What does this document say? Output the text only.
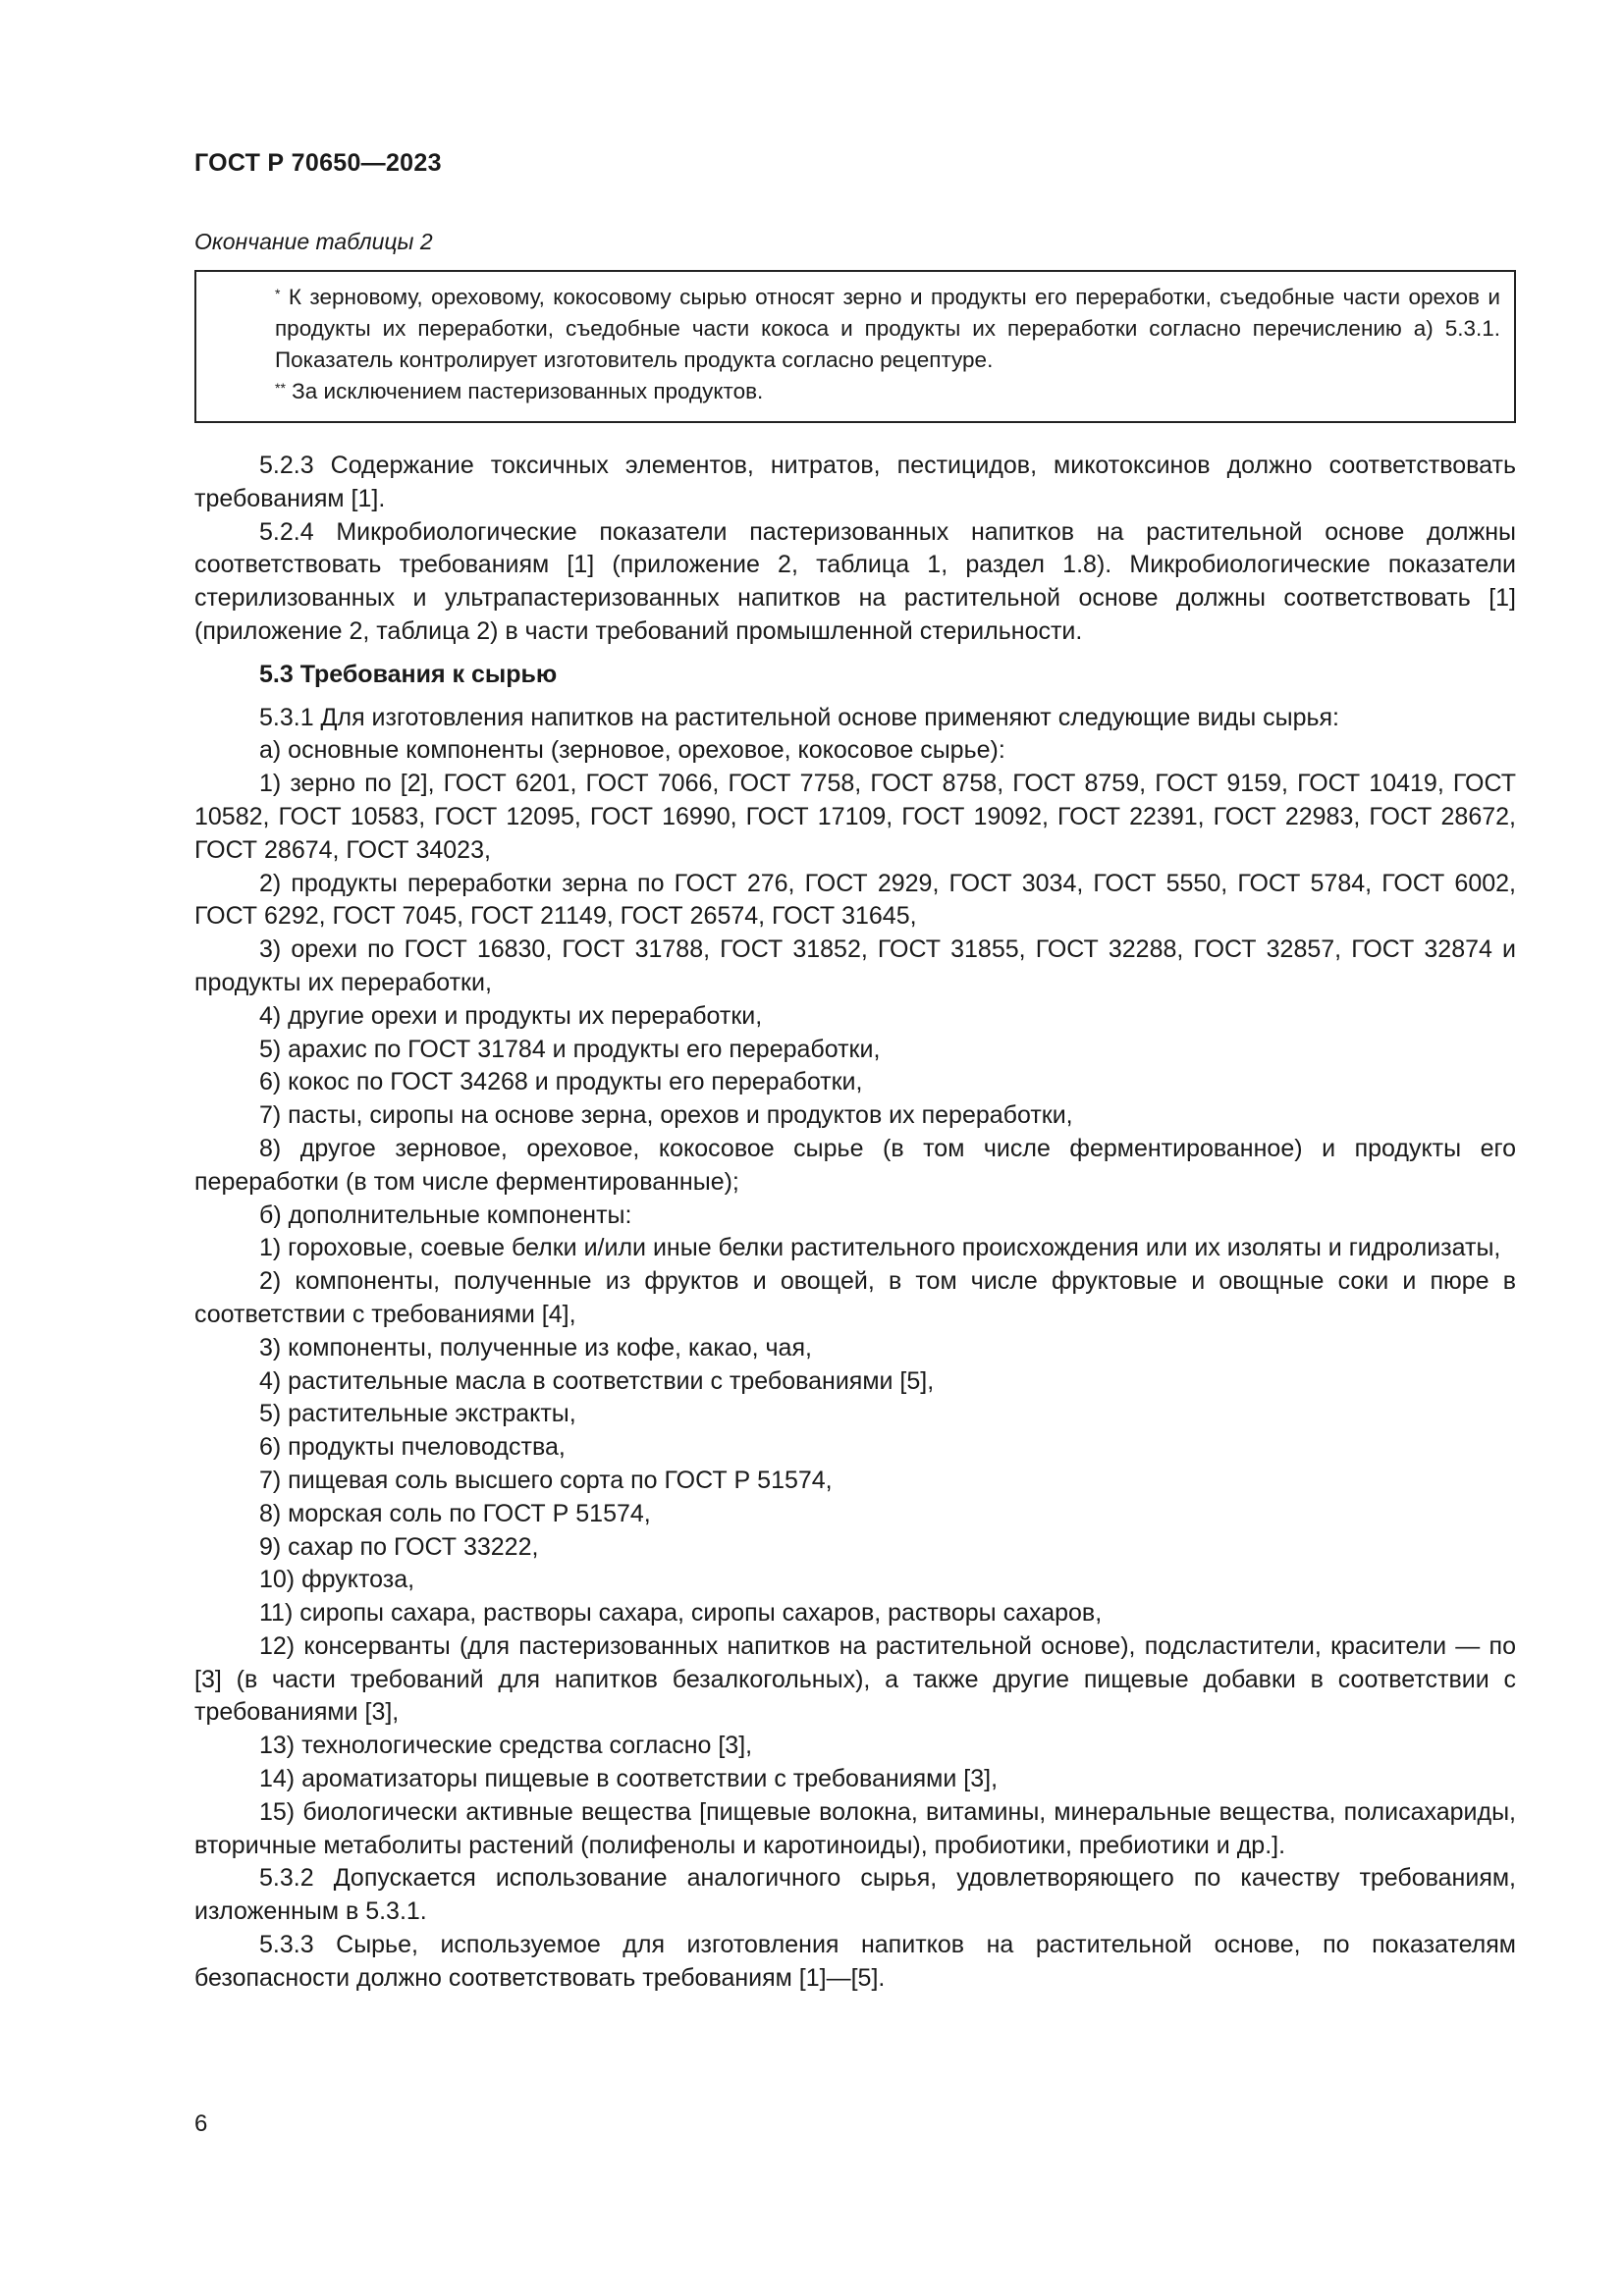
ГОСТ Р 70650—2023
Окончание таблицы 2

* К зерновому, ореховому, кокосовому сырью относят зерно и продукты его переработки, съедобные части орехов и продукты их переработки, съедобные части кокоса и продукты их переработки согласно перечислению а) 5.3.1. Показатель контролирует изготовитель продукта согласно рецептуре.

** За исключением пастеризованных продуктов.

5.2.3 Содержание токсичных элементов, нитратов, пестицидов, микотоксинов должно соответствовать требованиям [1].

5.2.4 Микробиологические показатели пастеризованных напитков на растительной основе должны соответствовать требованиям [1] (приложение 2, таблица 1, раздел 1.8). Микробиологические показатели стерилизованных и ультрапастеризованных напитков на растительной основе должны соответствовать [1] (приложение 2, таблица 2) в части требований промышленной стерильности.

5.3 Требования к сырью

5.3.1 Для изготовления напитков на растительной основе применяют следующие виды сырья:

а) основные компоненты (зерновое, ореховое, кокосовое сырье):

1) зерно по [2], ГОСТ 6201, ГОСТ 7066, ГОСТ 7758, ГОСТ 8758, ГОСТ 8759, ГОСТ 9159, ГОСТ 10419, ГОСТ 10582, ГОСТ 10583, ГОСТ 12095, ГОСТ 16990, ГОСТ 17109, ГОСТ 19092, ГОСТ 22391, ГОСТ 22983, ГОСТ 28672, ГОСТ 28674, ГОСТ 34023,

2) продукты переработки зерна по ГОСТ 276, ГОСТ 2929, ГОСТ 3034, ГОСТ 5550, ГОСТ 5784, ГОСТ 6002, ГОСТ 6292, ГОСТ 7045, ГОСТ 21149, ГОСТ 26574, ГОСТ 31645,

3) орехи по ГОСТ 16830, ГОСТ 31788, ГОСТ 31852, ГОСТ 31855, ГОСТ 32288, ГОСТ 32857, ГОСТ 32874 и продукты их переработки,

4) другие орехи и продукты их переработки,

5) арахис по ГОСТ 31784 и продукты его переработки,

6) кокос по ГОСТ 34268 и продукты его переработки,

7) пасты, сиропы на основе зерна, орехов и продуктов их переработки,

8) другое зерновое, ореховое, кокосовое сырье (в том числе ферментированное) и продукты его переработки (в том числе ферментированные);

б) дополнительные компоненты:

1) гороховые, соевые белки и/или иные белки растительного происхождения или их изоляты и гидролизаты,

2) компоненты, полученные из фруктов и овощей, в том числе фруктовые и овощные соки и пюре в соответствии с требованиями [4],

3) компоненты, полученные из кофе, какао, чая,

4) растительные масла в соответствии с требованиями [5],

5) растительные экстракты,

6) продукты пчеловодства,

7) пищевая соль высшего сорта по ГОСТ Р 51574,

8) морская соль по ГОСТ Р 51574,

9) сахар по ГОСТ 33222,

10) фруктоза,

11) сиропы сахара, растворы сахара, сиропы сахаров, растворы сахаров,

12) консерванты (для пастеризованных напитков на растительной основе), подсластители, красители — по [3] (в части требований для напитков безалкогольных), а также другие пищевые добавки в соответствии с требованиями [3],

13) технологические средства согласно [3],

14) ароматизаторы пищевые в соответствии с требованиями [3],

15) биологически активные вещества [пищевые волокна, витамины, минеральные вещества, полисахариды, вторичные метаболиты растений (полифенолы и каротиноиды), пробиотики, пребиотики и др.].

5.3.2 Допускается использование аналогичного сырья, удовлетворяющего по качеству требованиям, изложенным в 5.3.1.

5.3.3 Сырье, используемое для изготовления напитков на растительной основе, по показателям безопасности должно соответствовать требованиям [1]—[5].

6
